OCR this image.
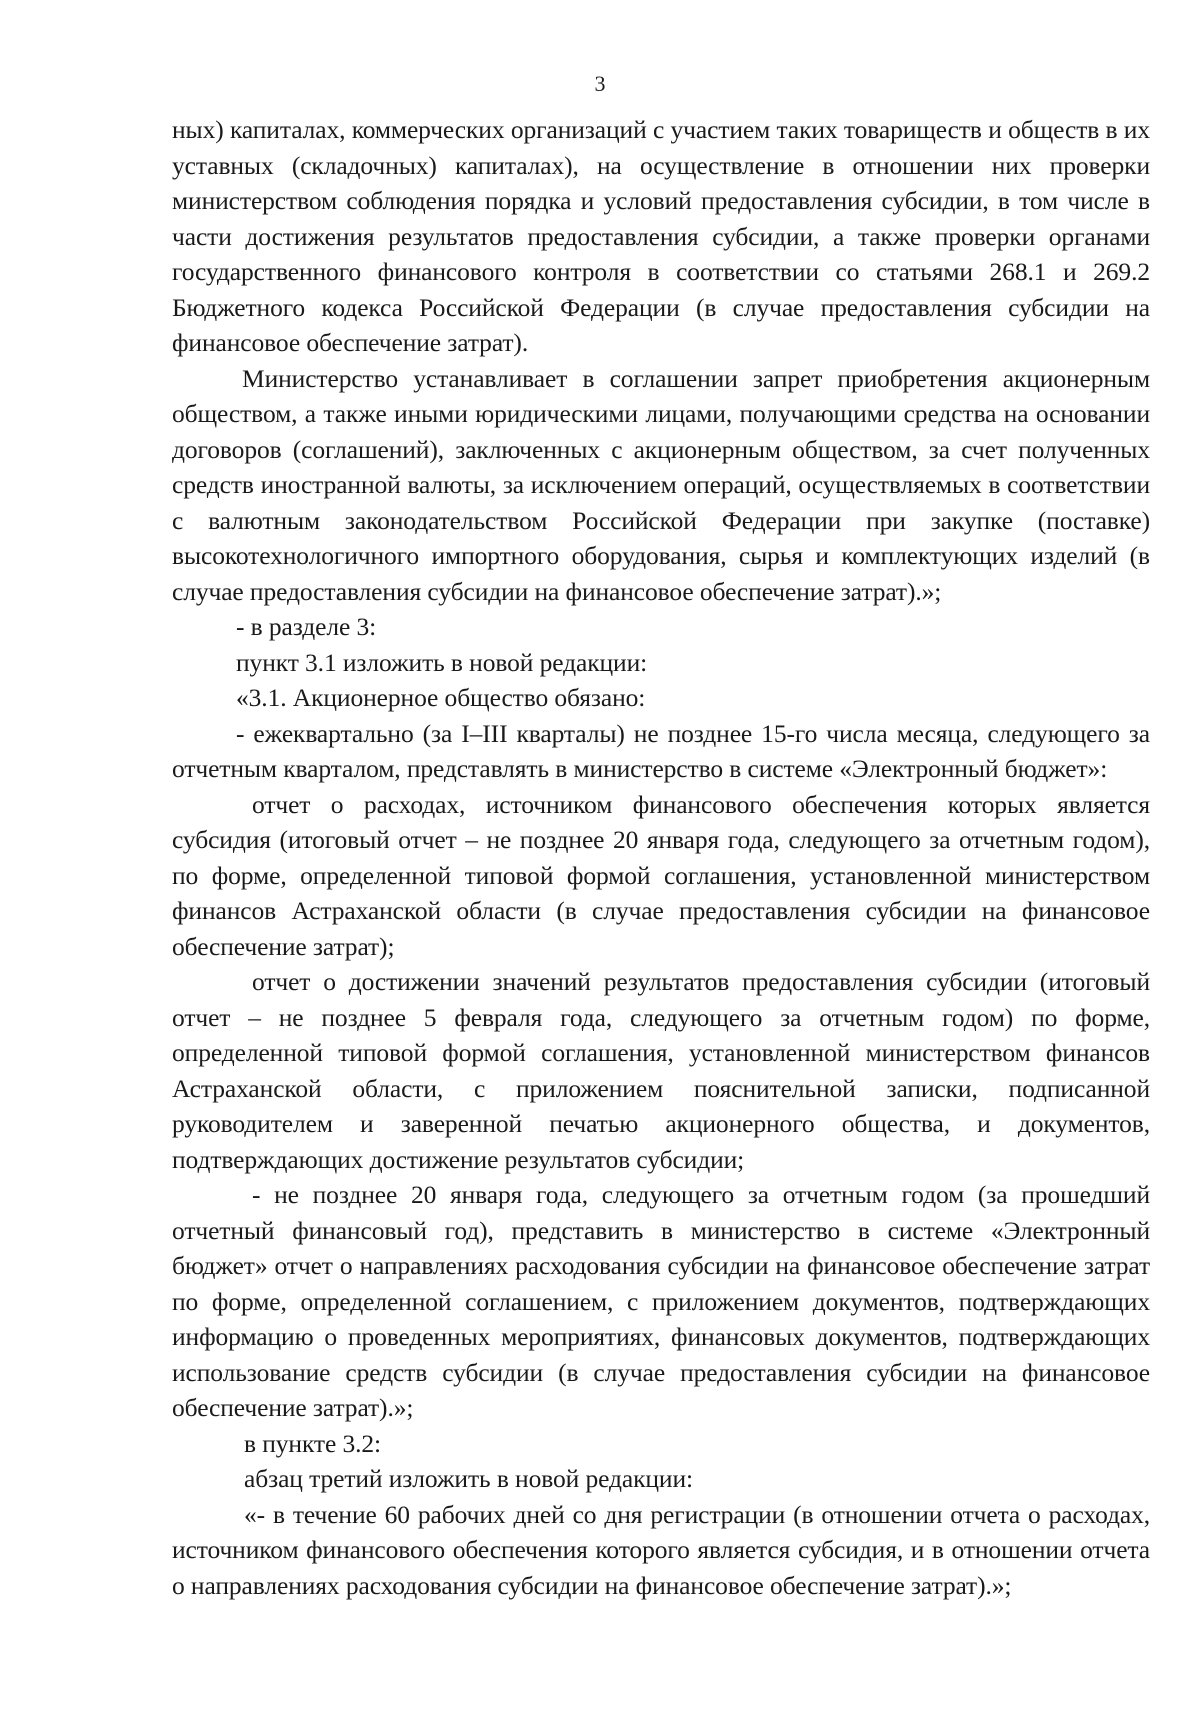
3

ных) капиталах, коммерческих организаций с участием таких товариществ и обществ в их уставных (складочных) капиталах), на осуществление в отношении них проверки министерством соблюдения порядка и условий предоставления субсидии, в том числе в части достижения результатов предоставления субсидии, а также проверки органами государственного финансового контроля в соответствии со статьями 268.1 и 269.2 Бюджетного кодекса Российской Федерации (в случае предоставления субсидии на финансовое обеспечение затрат).

Министерство устанавливает в соглашении запрет приобретения акционерным обществом, а также иными юридическими лицами, получающими средства на основании договоров (соглашений), заключенных с акционерным обществом, за счет полученных средств иностранной валюты, за исключением операций, осуществляемых в соответствии с валютным законодательством Российской Федерации при закупке (поставке) высокотехнологичного импортного оборудования, сырья и комплектующих изделий (в случае предоставления субсидии на финансовое обеспечение затрат).»;

- в разделе 3:

пункт 3.1 изложить в новой редакции:

«3.1. Акционерное общество обязано:

- ежеквартально (за I–III кварталы) не позднее 15-го числа месяца, следующего за отчетным кварталом, представлять в министерство в системе «Электронный бюджет»:

отчет о расходах, источником финансового обеспечения которых является субсидия (итоговый отчет – не позднее 20 января года, следующего за отчетным годом), по форме, определенной типовой формой соглашения, установленной министерством финансов Астраханской области (в случае предоставления субсидии на финансовое обеспечение затрат);

отчет о достижении значений результатов предоставления субсидии (итоговый отчет – не позднее 5 февраля года, следующего за отчетным годом) по форме, определенной типовой формой соглашения, установленной министерством финансов Астраханской области, с приложением пояснительной записки, подписанной руководителем и заверенной печатью акционерного общества, и документов, подтверждающих достижение результатов субсидии;

- не позднее 20 января года, следующего за отчетным годом (за прошедший отчетный финансовый год), представить в министерство в системе «Электронный бюджет» отчет о направлениях расходования субсидии на финансовое обеспечение затрат по форме, определенной соглашением, с приложением документов, подтверждающих информацию о проведенных мероприятиях, финансовых документов, подтверждающих использование средств субсидии (в случае предоставления субсидии на финансовое обеспечение затрат).»;

в пункте 3.2:

абзац третий изложить в новой редакции:

«- в течение 60 рабочих дней со дня регистрации (в отношении отчета о расходах, источником финансового обеспечения которого является субсидия, и в отношении отчета о направлениях расходования субсидии на финансовое обеспечение затрат).»;
